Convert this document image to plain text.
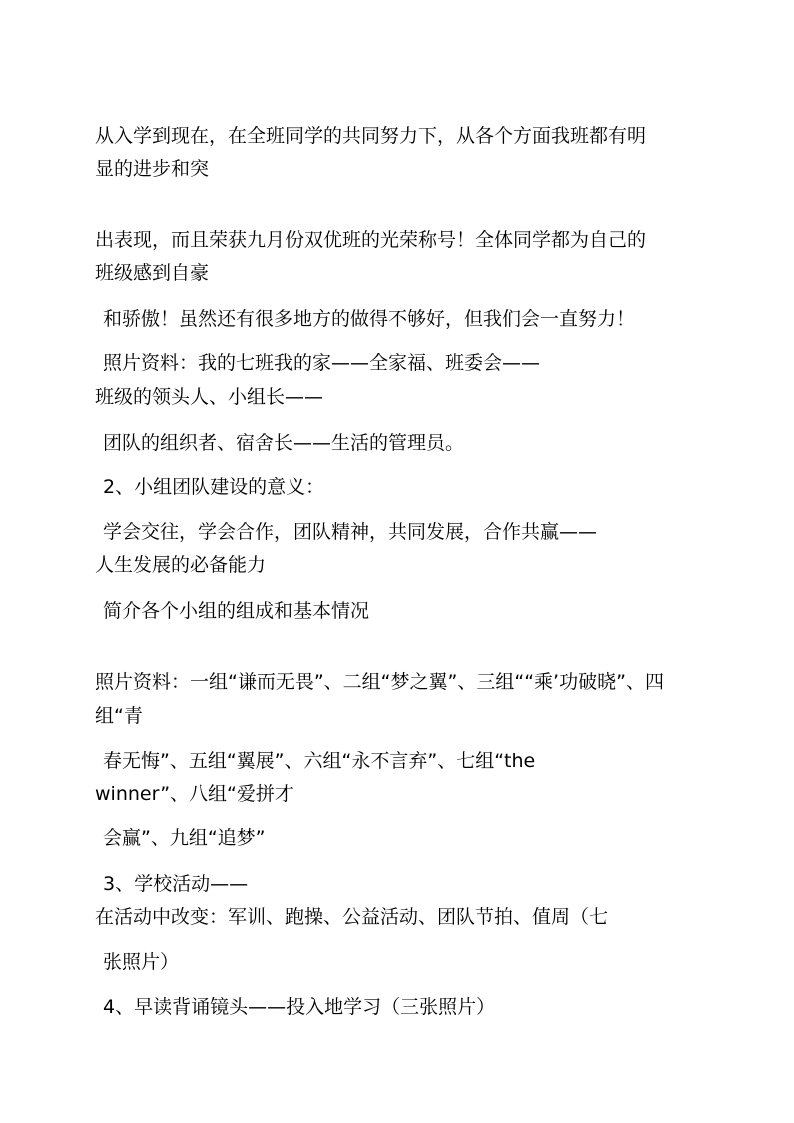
从入学到现在，在全班同学的共同努力下，从各个方面我班都有明
显的进步和突
出表现，而且荣获九月份双优班的光荣称号！全体同学都为自己的
班级感到自豪
和骄傲！虽然还有很多地方的做得不够好，但我们会一直努力！
照片资料：我的七班我的家——全家福、班委会——
班级的领头人、小组长——
团队的组织者、宿舍长——生活的管理员。
2、小组团队建设的意义：
学会交往，学会合作，团队精神，共同发展，合作共赢——
人生发展的必备能力
简介各个小组的组成和基本情况
照片资料：一组“谦而无畏”、二组“梦之翼”、三组““乘’功破晓”、四
组“青
春无悔”、五组“翼展”、六组“永不言弃”、七组“the
winner”、八组“爱拼才
会赢”、九组“追梦”
3、学校活动——
在活动中改变：军训、跑操、公益活动、团队节拍、值周（七
张照片）
4、早读背诵镜头——投入地学习（三张照片）
